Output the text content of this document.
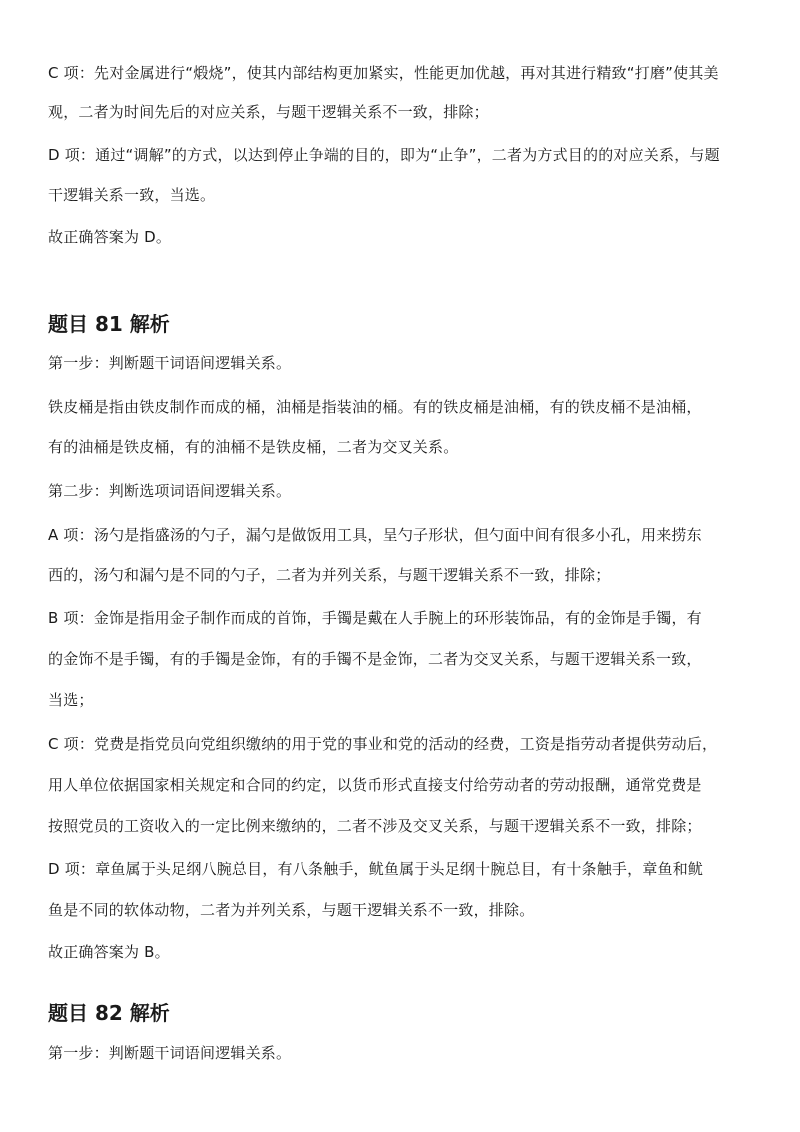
C 项：先对金属进行“煅烧”，使其内部结构更加紧实，性能更加优越，再对其进行精致“打磨”使其美
观，二者为时间先后的对应关系，与题干逻辑关系不一致，排除；
D 项：通过“调解”的方式，以达到停止争端的目的，即为“止争”，二者为方式目的的对应关系，与题
干逻辑关系一致，当选。
故正确答案为 D。
题目 81 解析
第一步：判断题干词语间逻辑关系。
铁皮桶是指由铁皮制作而成的桶，油桶是指装油的桶。有的铁皮桶是油桶，有的铁皮桶不是油桶，
有的油桶是铁皮桶，有的油桶不是铁皮桶，二者为交叉关系。
第二步：判断选项词语间逻辑关系。
A 项：汤勺是指盛汤的勺子，漏勺是做饭用工具，呈勺子形状，但勺面中间有很多小孔，用来捞东
西的，汤勺和漏勺是不同的勺子，二者为并列关系，与题干逻辑关系不一致，排除；
B 项：金饰是指用金子制作而成的首饰，手镯是戴在人手腕上的环形装饰品，有的金饰是手镯，有
的金饰不是手镯，有的手镯是金饰，有的手镯不是金饰，二者为交叉关系，与题干逻辑关系一致，
当选；
C 项：党费是指党员向党组织缴纳的用于党的事业和党的活动的经费，工资是指劳动者提供劳动后，
用人单位依据国家相关规定和合同的约定，以货币形式直接支付给劳动者的劳动报酬，通常党费是
按照党员的工资收入的一定比例来缴纳的，二者不涉及交叉关系，与题干逻辑关系不一致，排除；
D 项：章鱼属于头足纲八腕总目，有八条触手，鱿鱼属于头足纲十腕总目，有十条触手，章鱼和鱿
鱼是不同的软体动物，二者为并列关系，与题干逻辑关系不一致，排除。
故正确答案为 B。
题目 82 解析
第一步：判断题干词语间逻辑关系。
